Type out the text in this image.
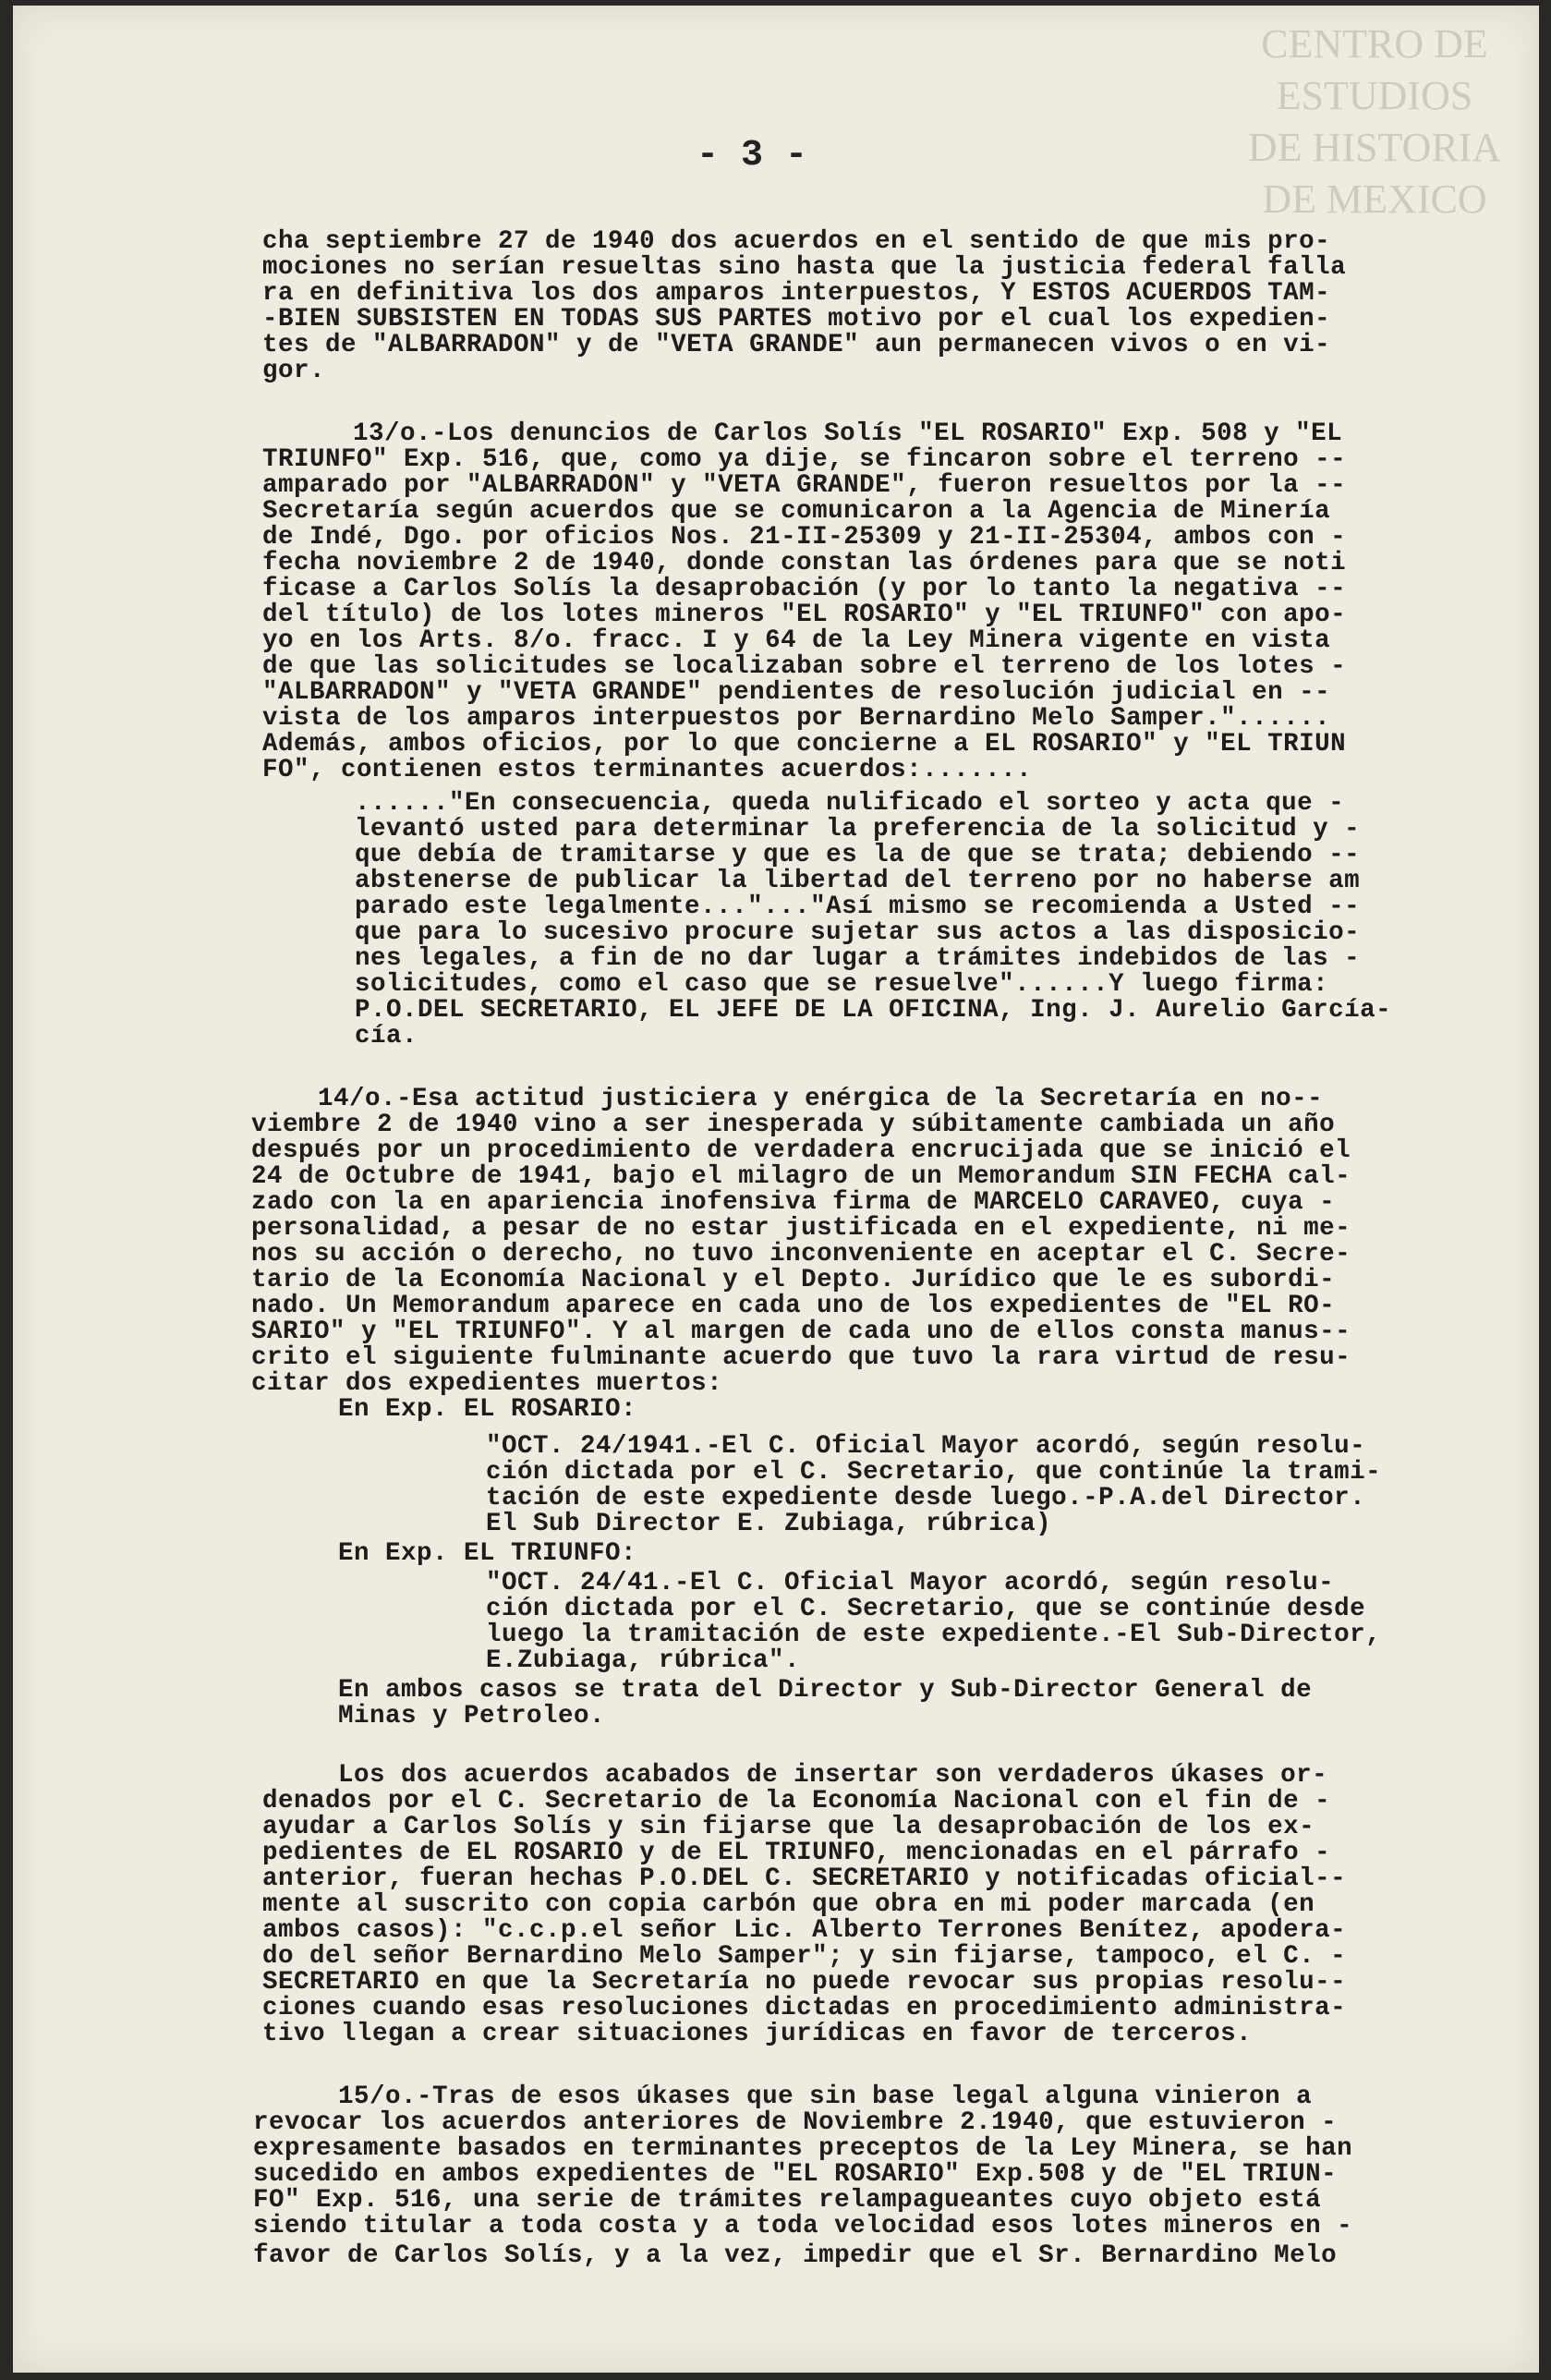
CENTRO DE
ESTUDIOS
DE HISTORIA
DE MEXICO
- 3 -
cha septiembre 27 de 1940 dos acuerdos en el sentido de que mis pro-
mociones no serían resueltas sino hasta que la justicia federal falla
ra en definitiva los dos amparos interpuestos, Y ESTOS ACUERDOS TAM-
-BIEN SUBSISTEN EN TODAS SUS PARTES motivo por el cual los expedien-
tes de "ALBARRADON" y de "VETA GRANDE" aun permanecen vivos o en vi-
gor.
13/o.-Los denuncios de Carlos Solís "EL ROSARIO" Exp. 508 y "EL
TRIUNFO" Exp. 516, que, como ya dije, se fincaron sobre el terreno --
amparado por "ALBARRADON" y "VETA GRANDE", fueron resueltos por la --
Secretaría según acuerdos que se comunicaron a la Agencia de Minería
de Indé, Dgo. por oficios Nos. 21-II-25309 y 21-II-25304, ambos con -
fecha noviembre 2 de 1940, donde constan las órdenes para que se noti
ficase a Carlos Solís la desaprobación (y por lo tanto la negativa --
del título) de los lotes mineros "EL ROSARIO" y "EL TRIUNFO" con apo-
yo en los Arts. 8/o. fracc. I y 64 de la Ley Minera vigente en vista
de que las solicitudes se localizaban sobre el terreno de los lotes -
"ALBARRADON" y "VETA GRANDE" pendientes de resolución judicial en --
vista de los amparos interpuestos por Bernardino Melo Samper."......
Además, ambos oficios, por lo que concierne a EL ROSARIO" y "EL TRIUN
FO", contienen estos terminantes acuerdos:.......
......"En consecuencia, queda nulificado el sorteo y acta que -
levantó usted para determinar la preferencia de la solicitud y -
que debía de tramitarse y que es la de que se trata; debiendo --
abstenerse de publicar la libertad del terreno por no haberse am
parado este legalmente..."..."Así mismo se recomienda a Usted --
que para lo sucesivo procure sujetar sus actos a las disposicio-
nes legales, a fin de no dar lugar a trámites indebidos de las -
solicitudes, como el caso que se resuelve"......Y luego firma:
P.O.DEL SECRETARIO, EL JEFE DE LA OFICINA, Ing. J. Aurelio García-
cía.
14/o.-Esa actitud justiciera y enérgica de la Secretaría en no--
viembre 2 de 1940 vino a ser inesperada y súbitamente cambiada un año
después por un procedimiento de verdadera encrucijada que se inició el
24 de Octubre de 1941, bajo el milagro de un Memorandum SIN FECHA cal-
zado con la en apariencia inofensiva firma de MARCELO CARAVEO, cuya -
personalidad, a pesar de no estar justificada en el expediente, ni me-
nos su acción o derecho, no tuvo inconveniente en aceptar el C. Secre-
tario de la Economía Nacional y el Depto. Jurídico que le es subordi-
nado. Un Memorandum aparece en cada uno de los expedientes de "EL RO-
SARIO" y "EL TRIUNFO". Y al margen de cada uno de ellos consta manus--
crito el siguiente fulminante acuerdo que tuvo la rara virtud de resu-
citar dos expedientes muertos:
En Exp. EL ROSARIO:
"OCT. 24/1941.-El C. Oficial Mayor acordó, según resolu-
ción dictada por el C. Secretario, que continúe la trami-
tación de este expediente desde luego.-P.A.del Director.
El Sub Director E. Zubiaga, rúbrica)
En Exp. EL TRIUNFO:
"OCT. 24/41.-El C. Oficial Mayor acordó, según resolu-
ción dictada por el C. Secretario, que se continúe desde
luego la tramitación de este expediente.-El Sub-Director,
E.Zubiaga, rúbrica".
En ambos casos se trata del Director y Sub-Director General de
Minas y Petroleo.
Los dos acuerdos acabados de insertar son verdaderos úkases or-
denados por el C. Secretario de la Economía Nacional con el fin de -
ayudar a Carlos Solís y sin fijarse que la desaprobación de los ex-
pedientes de EL ROSARIO y de EL TRIUNFO, mencionadas en el párrafo -
anterior, fueran hechas P.O.DEL C. SECRETARIO y notificadas oficial--
mente al suscrito con copia carbón que obra en mi poder marcada (en
ambos casos): "c.c.p.el señor Lic. Alberto Terrones Benítez, apodera-
do del señor Bernardino Melo Samper"; y sin fijarse, tampoco, el C. -
SECRETARIO en que la Secretaría no puede revocar sus propias resolu--
ciones cuando esas resoluciones dictadas en procedimiento administra-
tivo llegan a crear situaciones jurídicas en favor de terceros.
15/o.-Tras de esos úkases que sin base legal alguna vinieron a
revocar los acuerdos anteriores de Noviembre 2.1940, que estuvieron -
expresamente basados en terminantes preceptos de la Ley Minera, se han
sucedido en ambos expedientes de "EL ROSARIO" Exp.508 y de "EL TRIUN-
FO" Exp. 516, una serie de trámites relampagueantes cuyo objeto está
siendo titular a toda costa y a toda velocidad esos lotes mineros en -
favor de Carlos Solís, y a la vez, impedir que el Sr. Bernardino Melo
